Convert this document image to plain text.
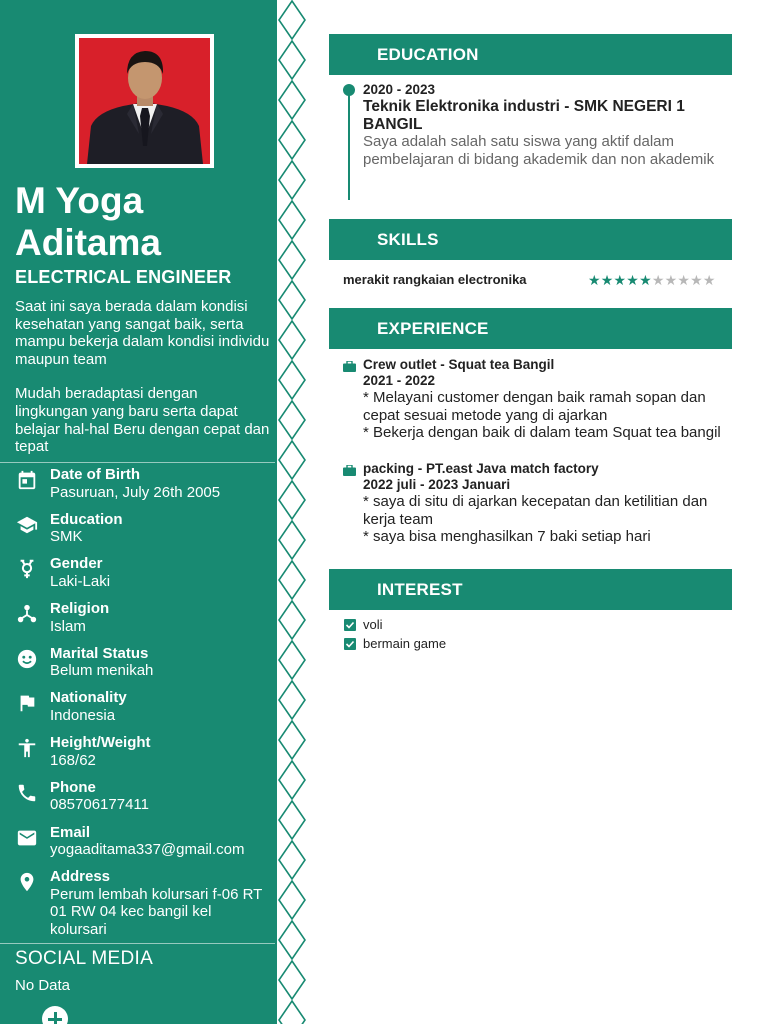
M Yoga Aditama
ELECTRICAL ENGINEER

Saat ini saya berada dalam kondisi kesehatan yang sangat baik, serta mampu bekerja dalam kondisi individu maupun team

Mudah beradaptasi dengan lingkungan yang baru serta dapat belajar hal-hal Beru dengan cepat dan tepat

Date of Birth
Pasuruan, July 26th 2005
Education
SMK
Gender
Laki-Laki
Religion
Islam
Marital Status
Belum menikah
Nationality
Indonesia
Height/Weight
168/62
Phone
085706177411
Email
yogaaditama337@gmail.com
Address
Perum lembah kolursari f-06 RT 01 RW 04 kec bangil kel kolursari
SOCIAL MEDIA
No Data
EDUCATION
2020 - 2023
Teknik Elektronika industri - SMK NEGERI 1 BANGIL
Saya adalah salah satu siswa yang aktif dalam pembelajaran di bidang akademik dan non akademik
SKILLS
merakit rangkaian electronika	★★★★★★★★★★
EXPERIENCE
Crew outlet - Squat tea Bangil
2021 - 2022
* Melayani customer dengan baik ramah sopan dan cepat sesuai metode yang di ajarkan
* Bekerja dengan baik di dalam team Squat tea bangil
packing - PT.east Java match factory
2022 juli - 2023 Januari
* saya di situ di ajarkan kecepatan dan ketilitian dan kerja team
* saya bisa menghasilkan 7 baki setiap hari
INTEREST
voli
bermain game
